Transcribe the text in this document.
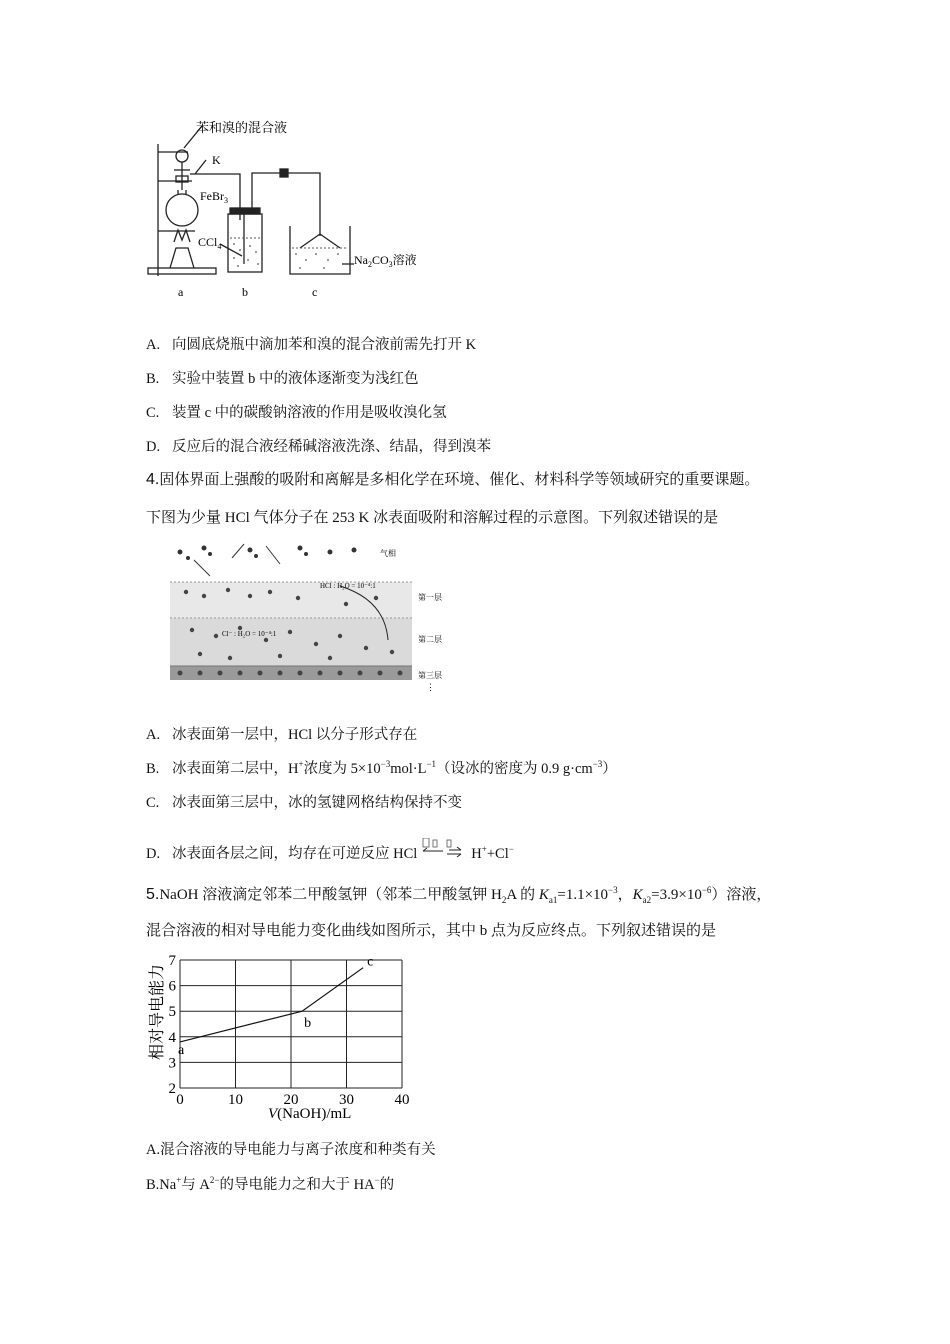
苯和溴的混合液
K
FeBr$_3$
CCl$_4$
$Na_2CO_3$溶液
a	b	c
A. 向圆底烧瓶中滴加苯和溴的混合液前需先打开 K
B. 实验中装置 b 中的液体逐渐变为浅红色
C. 装置 c 中的碳酸钠溶液的作用是吸收溴化氢
D. 反应后的混合液经稀碱溶液洗涤、结晶，得到溴苯
4.固体界面上强酸的吸附和离解是多相化学在环境、催化、材料科学等领域研究的重要课题。
下图为少量 HCl 气体分子在 253 K 冰表面吸附和溶解过程的示意图。下列叙述错误的是
HCl : H₂O = 10⁻⁴:1
Cl⁻ : H₂O = 10⁻⁴:1
气相
第一层
第二层
第三层
⋮
A. 冰表面第一层中，HCl 以分子形式存在
B. 冰表面第二层中，H+浓度为 $5\times 10^{-3}mol\cdot L^{-1}$（设冰的密度为 0.9 $g\cdot cm^{-3}$）
C. 冰表面第三层中，冰的氢键网格结构保持不变
D. 冰表面各层之间，均存在可逆反应 HCl	H++Cl−
5.NaOH 溶液滴定邻苯二甲酸氢钾（邻苯二甲酸氢钾 $H_2A$ 的 $K_{a1}=1.1\times 10^{-3}$，$K_{a2}=3.9\times 10^{-6}$）溶液，
混合溶液的相对导电能力变化曲线如图所示，其中 b 点为反应终点。下列叙述错误的是
2
3
4
5
6
7
0	10	20	30	40
a
b
c
相对导电能力
V(NaOH)/mL
A.混合溶液的导电能力与离子浓度和种类有关
B.Na+与 $A^{2-}$的导电能力之和大于 HA−的
